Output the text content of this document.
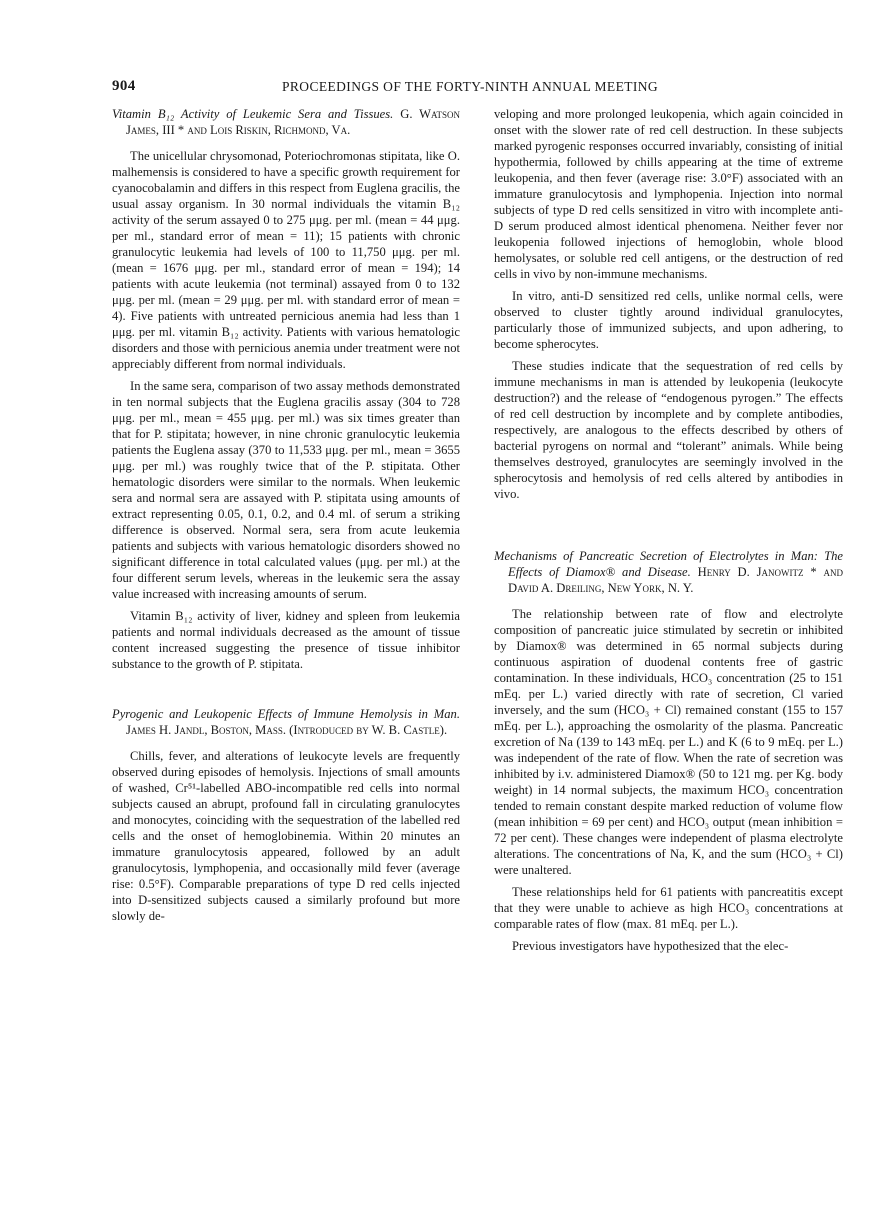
904	PROCEEDINGS OF THE FORTY-NINTH ANNUAL MEETING
Vitamin B₁₂ Activity of Leukemic Sera and Tissues. G. Watson James, III * and Lois Riskin, Richmond, Va.

The unicellular chrysomonad, Poteriochromonas stipitata, like O. malhemensis is considered to have a specific growth requirement for cyanocobalamin and differs in this respect from Euglena gracilis, the usual assay organism. In 30 normal individuals the vitamin B₁₂ activity of the serum assayed 0 to 275 μμg. per ml. (mean = 44 μμg. per ml., standard error of mean = 11); 15 patients with chronic granulocytic leukemia had levels of 100 to 11,750 μμg. per ml. (mean = 1676 μμg. per ml., standard error of mean = 194); 14 patients with acute leukemia (not terminal) assayed from 0 to 132 μμg. per ml. (mean = 29 μμg. per ml. with standard error of mean = 4). Five patients with untreated pernicious anemia had less than 1 μμg. per ml. vitamin B₁₂ activity. Patients with various hematologic disorders and those with pernicious anemia under treatment were not appreciably different from normal individuals.

In the same sera, comparison of two assay methods demonstrated in ten normal subjects that the Euglena gracilis assay (304 to 728 μμg. per ml., mean = 455 μμg. per ml.) was six times greater than that for P. stipitata; however, in nine chronic granulocytic leukemia patients the Euglena assay (370 to 11,533 μμg. per ml., mean = 3655 μμg. per ml.) was roughly twice that of the P. stipitata. Other hematologic disorders were similar to the normals. When leukemic sera and normal sera are assayed with P. stipitata using amounts of extract representing 0.05, 0.1, 0.2, and 0.4 ml. of serum a striking difference is observed. Normal sera, sera from acute leukemia patients and subjects with various hematologic disorders showed no significant difference in total calculated values (μμg. per ml.) at the four different serum levels, whereas in the leukemic sera the assay value increased with increasing amounts of serum.

Vitamin B₁₂ activity of liver, kidney and spleen from leukemia patients and normal individuals decreased as the amount of tissue content increased suggesting the presence of tissue inhibitor substance to the growth of P. stipitata.

Pyrogenic and Leukopenic Effects of Immune Hemolysis in Man. James H. Jandl, Boston, Mass. (Introduced by W. B. Castle).

Chills, fever, and alterations of leukocyte levels are frequently observed during episodes of hemolysis. Injections of small amounts of washed, Cr⁵¹-labelled ABO-incompatible red cells into normal subjects caused an abrupt, profound fall in circulating granulocytes and monocytes, coinciding with the sequestration of the labelled red cells and the onset of hemoglobinemia. Within 20 minutes an immature granulocytosis appeared, followed by an adult granulocytosis, lymphopenia, and occasionally mild fever (average rise: 0.5°F). Comparable preparations of type D red cells injected into D-sensitized subjects caused a similarly profound but more slowly de-

veloping and more prolonged leukopenia, which again coincided in onset with the slower rate of red cell destruction. In these subjects marked pyrogenic responses occurred invariably, consisting of initial hypothermia, followed by chills appearing at the time of extreme leukopenia, and then fever (average rise: 3.0°F) associated with an immature granulocytosis and lymphopenia. Injection into normal subjects of type D red cells sensitized in vitro with incomplete anti-D serum produced almost identical phenomena. Neither fever nor leukopenia followed injections of hemoglobin, whole blood hemolysates, or soluble red cell antigens, or the destruction of red cells in vivo by non-immune mechanisms.

In vitro, anti-D sensitized red cells, unlike normal cells, were observed to cluster tightly around individual granulocytes, particularly those of immunized subjects, and upon adhering, to become spherocytes.

These studies indicate that the sequestration of red cells by immune mechanisms in man is attended by leukopenia (leukocyte destruction?) and the release of “endogenous pyrogen.” The effects of red cell destruction by incomplete and by complete antibodies, respectively, are analogous to the effects described by others of bacterial pyrogens on normal and “tolerant” animals. While being themselves destroyed, granulocytes are seemingly involved in the spherocytosis and hemolysis of red cells altered by antibodies in vivo.

Mechanisms of Pancreatic Secretion of Electrolytes in Man: The Effects of Diamox® and Disease. Henry D. Janowitz * and David A. Dreiling, New York, N. Y.

The relationship between rate of flow and electrolyte composition of pancreatic juice stimulated by secretin or inhibited by Diamox® was determined in 65 normal subjects during continuous aspiration of duodenal contents free of gastric contamination. In these individuals, HCO₃ concentration (25 to 151 mEq. per L.) varied directly with rate of secretion, Cl varied inversely, and the sum (HCO₃ + Cl) remained constant (155 to 157 mEq. per L.), approaching the osmolarity of the plasma. Pancreatic excretion of Na (139 to 143 mEq. per L.) and K (6 to 9 mEq. per L.) was independent of the rate of flow. When the rate of secretion was inhibited by i.v. administered Diamox® (50 to 121 mg. per Kg. body weight) in 14 normal subjects, the maximum HCO₃ concentration tended to remain constant despite marked reduction of volume flow (mean inhibition = 69 per cent) and HCO₃ output (mean inhibition = 72 per cent). These changes were independent of plasma electrolyte alterations. The concentrations of Na, K, and the sum (HCO₃ + Cl) were unaltered.

These relationships held for 61 patients with pancreatitis except that they were unable to achieve as high HCO₃ concentrations at comparable rates of flow (max. 81 mEq. per L.).

Previous investigators have hypothesized that the elec-
